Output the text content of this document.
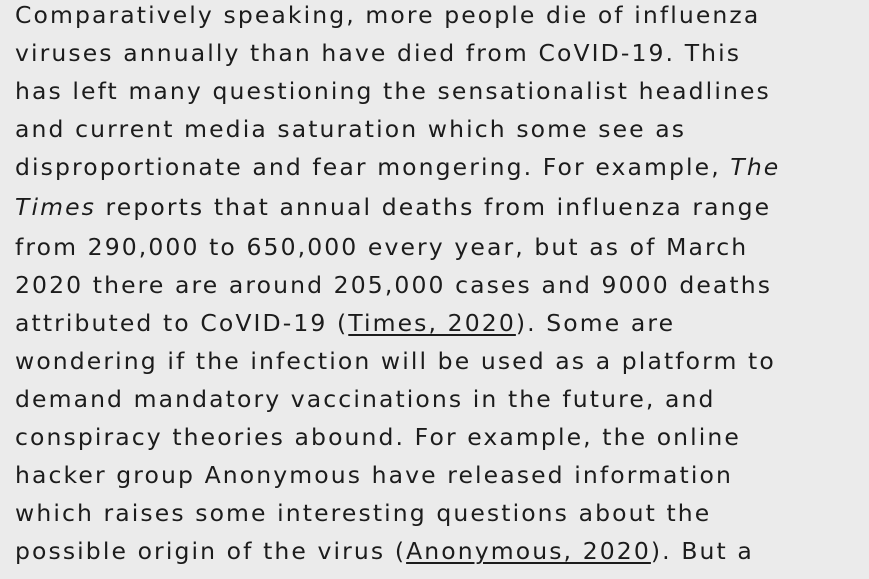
Comparatively speaking, more people die of influenza
viruses annually than have died from CoVID-19. This
has left many questioning the sensationalist headlines
and current media saturation which some see as
disproportionate and fear mongering. For example, The
Times reports that annual deaths from influenza range
from 290,000 to 650,000 every year, but as of March
2020 there are around 205,000 cases and 9000 deaths
attributed to CoVID-19 (Times, 2020). Some are
wondering if the infection will be used as a platform to
demand mandatory vaccinations in the future, and
conspiracy theories abound. For example, the online
hacker group Anonymous have released information
which raises some interesting questions about the
possible origin of the virus (Anonymous, 2020). But a
